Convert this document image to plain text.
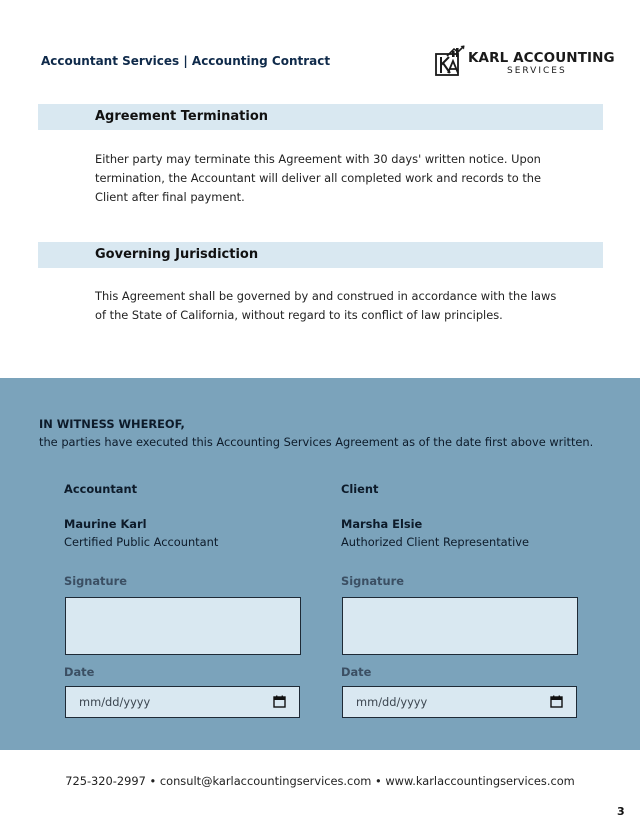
Accountant Services | Accounting Contract	KARL ACCOUNTING
SERVICES
Agreement Termination
Either party may terminate this Agreement with 30 days' written notice. Upon termination, the Accountant will deliver all completed work and records to the Client after final payment.
Governing Jurisdiction
This Agreement shall be governed by and construed in accordance with the laws of the State of California, without regard to its conflict of law principles.
IN WITNESS WHEREOF,
the parties have executed this Accounting Services Agreement as of the date first above written.
Accountant
Maurine Karl
Certified Public Accountant
Signature
Date
mm/dd/yyyy
Client
Marsha Elsie
Authorized Client Representative
Signature
Date
mm/dd/yyyy
725-320-2997 • consult@karlaccountingservices.com • www.karlaccountingservices.com
3
